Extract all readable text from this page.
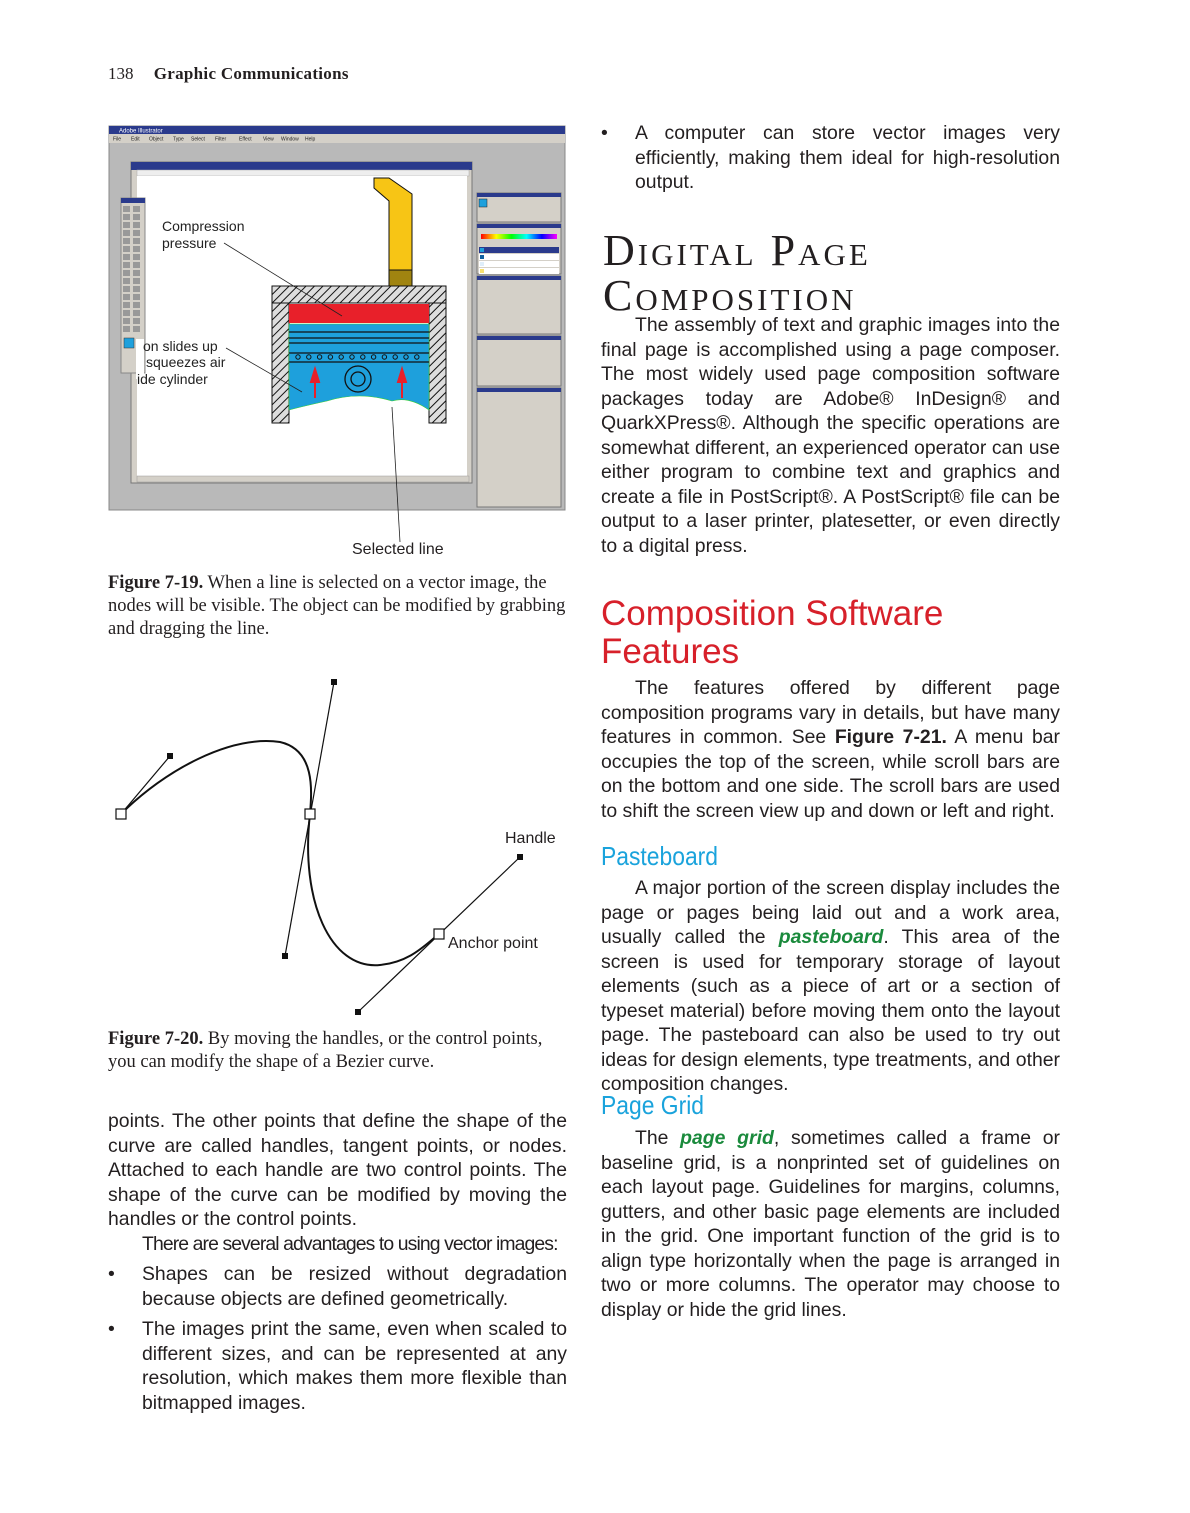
138 Graphic Communications
Adobe Illustrator
File Edit Object Type Select Filter	Effect View Window Help
Compression
pressure
on slides up
squeezes air
ide cylinder
Selected line
Figure 7-19. When a line is selected on a vector image, the nodes will be visible. The object can be modified by grabbing and dragging the line.
Handle
Anchor point
Figure 7-20. By moving the handles, or the control points, you can modify the shape of a Bezier curve.

points. The other points that define the shape of the curve are called handles, tangent points, or nodes. Attached to each handle are two control points. The shape of the curve can be modified by moving the handles or the control points.

There are several advantages to using vector images:

• Shapes can be resized without degradation because objects are defined geometrically.
• The images print the same, even when scaled to different sizes, and can be represented at any resolution, which makes them more flexible than bitmapped images.
• A computer can store vector images very efficiently, making them ideal for high-resolution output.
Digital Page
Composition

The assembly of text and graphic images into the final page is accomplished using a page composer. The most widely used page composition software packages today are Adobe® InDesign® and QuarkXPress®. Although the specific operations are somewhat different, an experienced operator can use either program to combine text and graphics and create a file in PostScript®. A PostScript® file can be output to a laser printer, platesetter, or even directly to a digital press.

Composition Software
Features

The features offered by different page composition programs vary in details, but have many features in common. See Figure 7-21. A menu bar occupies the top of the screen, while scroll bars are on the bottom and one side. The scroll bars are used to shift the screen view up and down or left and right.

Pasteboard

A major portion of the screen display includes the page or pages being laid out and a work area, usually called the pasteboard. This area of the screen is used for temporary storage of layout elements (such as a piece of art or a section of typeset material) before moving them onto the layout page. The pasteboard can also be used to try out ideas for design elements, type treatments, and other composition changes.

Page Grid

The page grid, sometimes called a frame or baseline grid, is a nonprinted set of guidelines on each layout page. Guidelines for margins, columns, gutters, and other basic page elements are included in the grid. One important function of the grid is to align type horizontally when the page is arranged in two or more columns. The operator may choose to display or hide the grid lines.
